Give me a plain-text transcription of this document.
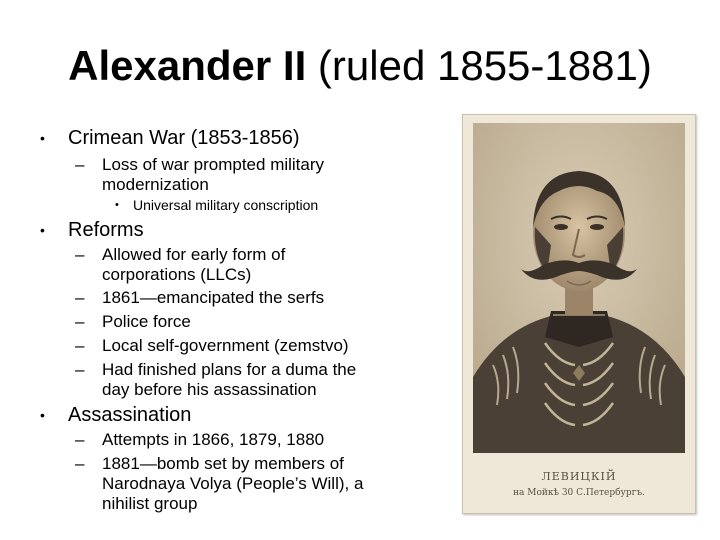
Alexander II (ruled 1855-1881)
• Crimean War (1853-1856)
– Loss of war prompted military
modernization
• Universal military conscription
• Reforms
– Allowed for early form of
corporations (LLCs)
– 1861—emancipated the serfs
– Police force
– Local self-government (zemstvo)
– Had finished plans for a duma the
day before his assassination
• Assassination
– Attempts in 1866, 1879, 1880
– 1881—bomb set by members of
Narodnaya Volya (People’s Will), a
nihilist group
ЛЕВИЦКIЙ
на Мойкѣ 30 С.Петербургъ.
